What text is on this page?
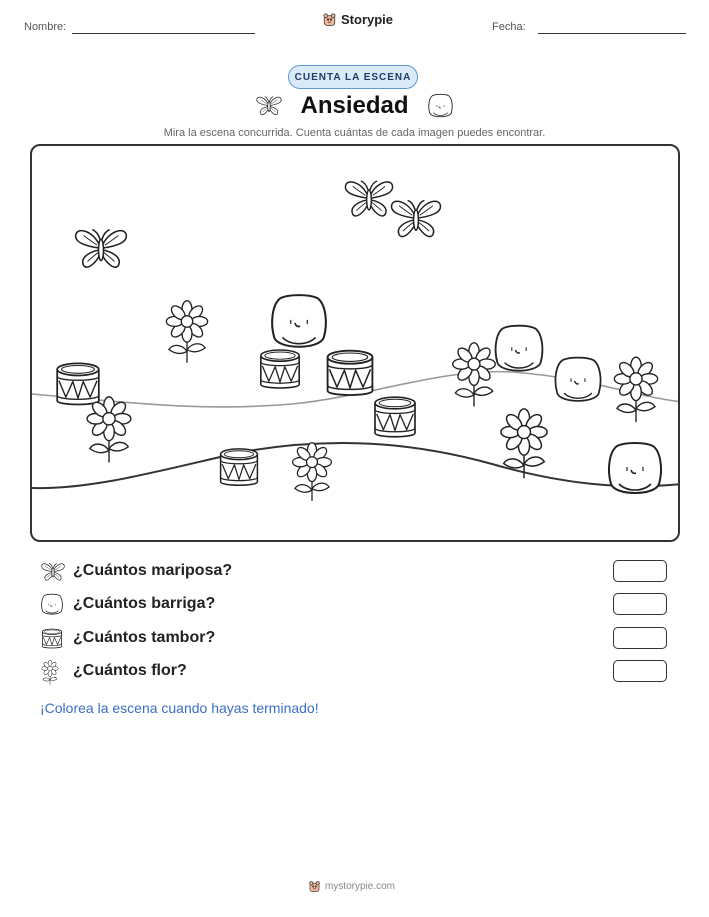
Nombre:	Storypie	Fecha:
CUENTA LA ESCENA
Ansiedad
Mira la escena concurrida. Cuenta cuántas de cada imagen puedes encontrar.
¿Cuántos mariposa?
¿Cuántos barriga?
¿Cuántos tambor?
¿Cuántos flor?
¡Colorea la escena cuando hayas terminado!
mystorypie.com
